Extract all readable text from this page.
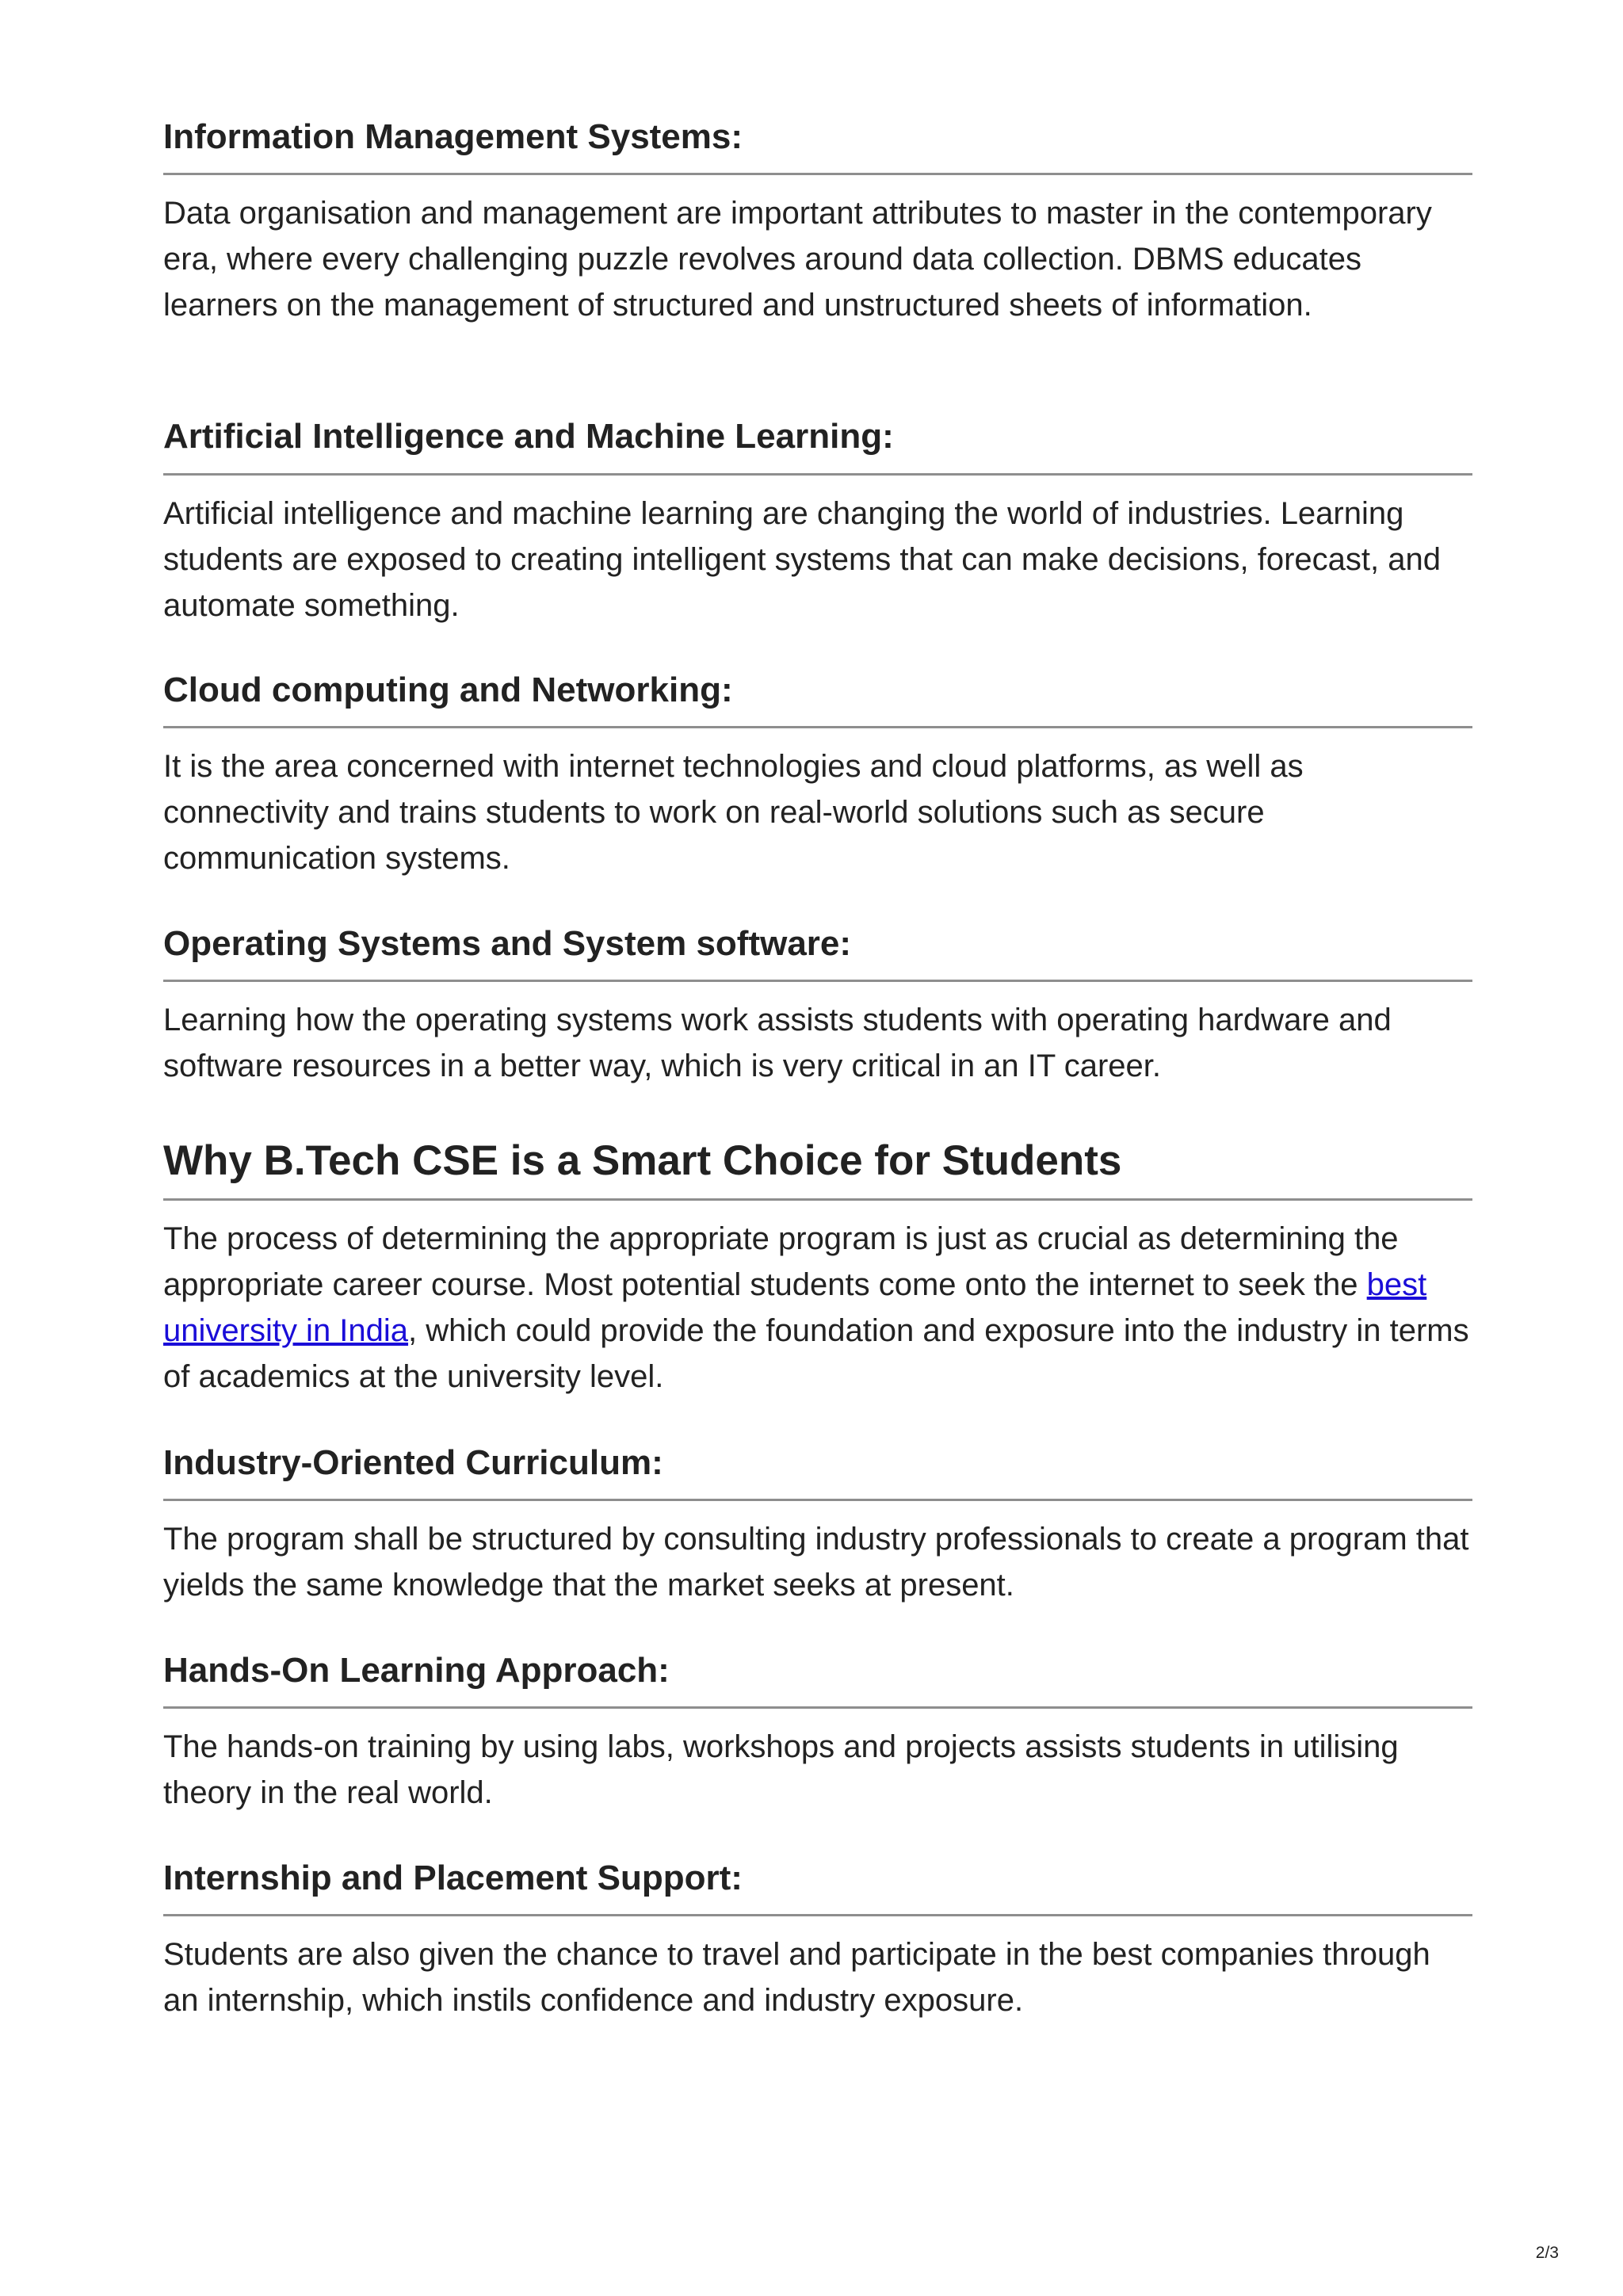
Information Management Systems:

Data organisation and management are important attributes to master in the contemporary era, where every challenging puzzle revolves around data collection. DBMS educates learners on the management of structured and unstructured sheets of information.

Artificial Intelligence and Machine Learning:

Artificial intelligence and machine learning are changing the world of industries. Learning students are exposed to creating intelligent systems that can make decisions, forecast, and automate something.

Cloud computing and Networking:

It is the area concerned with internet technologies and cloud platforms, as well as connectivity and trains students to work on real-world solutions such as secure communication systems.

Operating Systems and System software:

Learning how the operating systems work assists students with operating hardware and software resources in a better way, which is very critical in an IT career.

Why B.Tech CSE is a Smart Choice for Students

The process of determining the appropriate program is just as crucial as determining the appropriate career course. Most potential students come onto the internet to seek the best university in India, which could provide the foundation and exposure into the industry in terms of academics at the university level.

Industry-Oriented Curriculum:

The program shall be structured by consulting industry professionals to create a program that yields the same knowledge that the market seeks at present.

Hands-On Learning Approach:

The hands-on training by using labs, workshops and projects assists students in utilising theory in the real world.

Internship and Placement Support:

Students are also given the chance to travel and participate in the best companies through an internship, which instils confidence and industry exposure.

2/3
